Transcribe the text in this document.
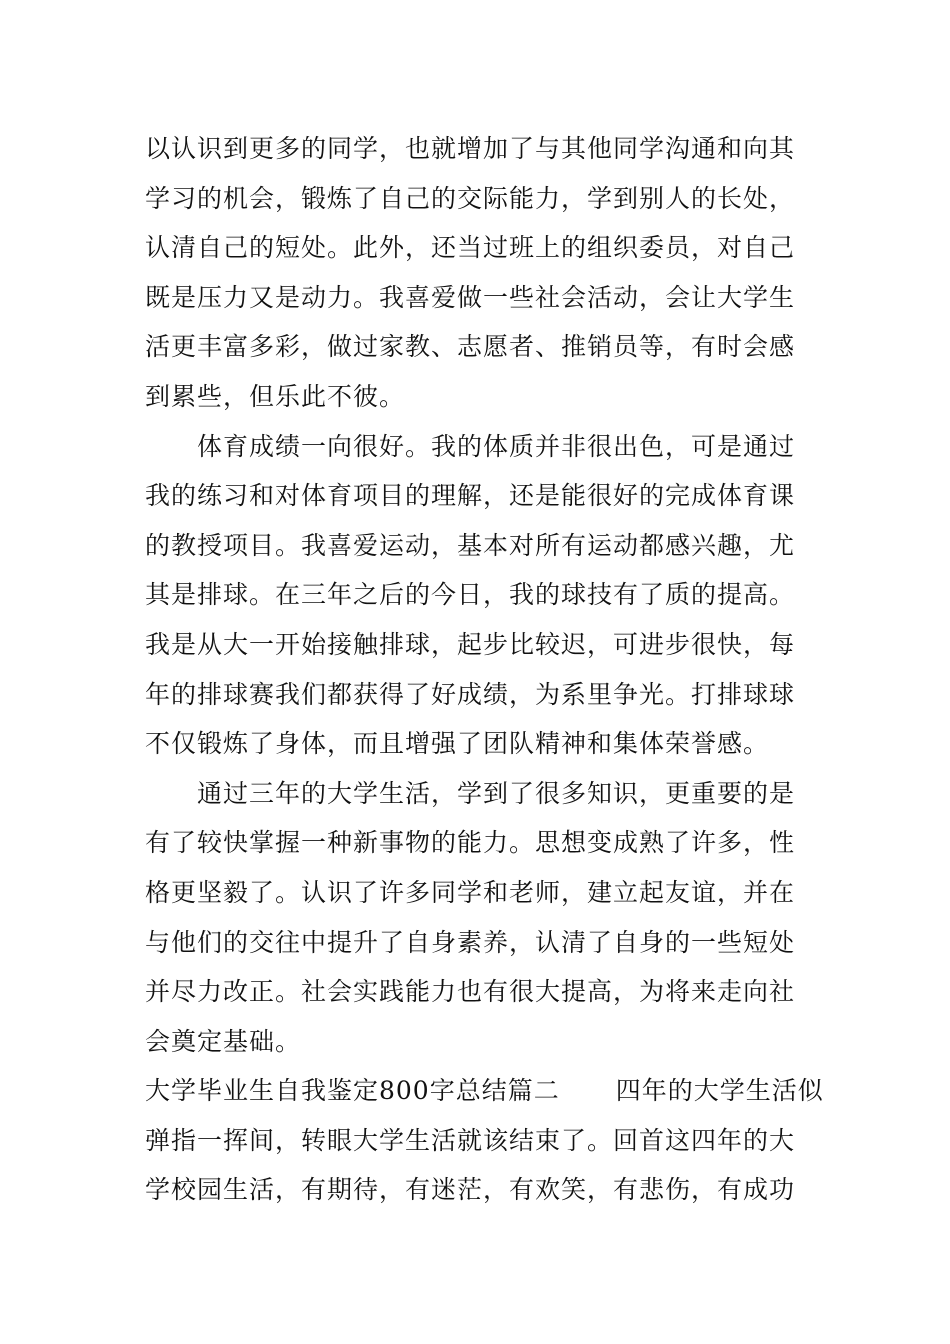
以认识到更多的同学，也就增加了与其他同学沟通和向其
学习的机会，锻炼了自己的交际能力，学到别人的长处，
认清自己的短处。此外，还当过班上的组织委员，对自己
既是压力又是动力。我喜爱做一些社会活动，会让大学生
活更丰富多彩，做过家教、志愿者、推销员等，有时会感
到累些，但乐此不彼。
体育成绩一向很好。我的体质并非很出色，可是通过
我的练习和对体育项目的理解，还是能很好的完成体育课
的教授项目。我喜爱运动，基本对所有运动都感兴趣，尤
其是排球。在三年之后的今日，我的球技有了质的提高。
我是从大一开始接触排球，起步比较迟，可进步很快，每
年的排球赛我们都获得了好成绩，为系里争光。打排球球
不仅锻炼了身体，而且增强了团队精神和集体荣誉感。
通过三年的大学生活，学到了很多知识，更重要的是
有了较快掌握一种新事物的能力。思想变成熟了许多，性
格更坚毅了。认识了许多同学和老师，建立起友谊，并在
与他们的交往中提升了自身素养，认清了自身的一些短处
并尽力改正。社会实践能力也有很大提高，为将来走向社
会奠定基础。
大学毕业生自我鉴定800字总结篇二 四年的大学生活似
弹指一挥间，转眼大学生活就该结束了。回首这四年的大
学校园生活，有期待，有迷茫，有欢笑，有悲伤，有成功
